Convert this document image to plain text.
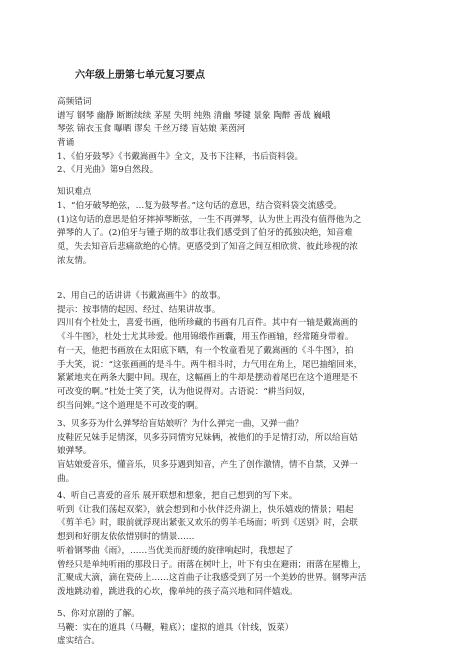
六年级上册第七单元复习要点
高频错词
谱写 钢琴 幽静 断断续续 茅屋 失明 纯熟 清幽 琴键 景象 陶醉 善哉 巍峨
琴弦 锦衣玉食 曝晒 谬矣 千丝万缕 盲姑娘 莱茵河
背诵
1、《伯牙鼓琴》《书戴嵩画牛》全文，及书下注释，书后资料袋。
2、《月光曲》第9自然段。
知识难点
1、“伯牙破琴绝弦，…复为鼓琴者。”这句话的意思，结合资料袋交流感受。
(1)这句话的意思是伯牙摔掉琴断弦，一生不再弹琴，认为世上再没有值得他为之
弹琴的人了。(2)伯牙与锺子期的故事让我们感受到了伯牙的孤独决绝，知音难
觅，失去知音后悲痛欲绝的心情。更感受到了知音之间互相欣赏、彼此珍视的浓
浓友情。
2、用自己的话讲讲《书戴嵩画牛》的故事。
提示：按事情的起因、经过、结果讲故事。
四川有个杜处士，喜爱书画，他所珍藏的书画有几百件。其中有一轴是戴嵩画的
《斗牛图》，杜处士尤其珍爱。他用锦缎作画囊，用玉作画轴，经常随身带着。
有一天，他把书画放在太阳底下晒，有一个牧童看见了戴嵩画的《斗牛图》，拍
手大笑，说：“这张画画的是斗牛。两牛相斗时，力气用在角上，尾巴抽缩回来，
紧紧地夹在两条大腿中间。现在，这幅画上的牛却是摆动着尾巴在这个道理是不
可改变的啊。”杜处士笑了笑，认为他说得对。古语说：“耕当问奴，
织当问婢。”这个道理是不可改变的啊。
3、贝多芬为什么弹琴给盲姑娘听？为什么弹完一曲，又弹一曲？
皮鞋匠兄妹手足情深，贝多芬同情穷兄妹俩，被他们的手足情打动，所以给盲姑
娘弹琴。
盲姑娘爱音乐，懂音乐，贝多芬遇到知音，产生了创作激情，情不自禁，又弹一
曲。
4、听自己喜爱的音乐 展开联想和想象，把自己想到的写下来。
听到《让我们荡起双桨》，就会想到和小伙伴泛舟湖上，快乐嬉戏的情景；唱起
《剪羊毛》时，眼前就浮现出紧张又欢乐的剪羊毛场面；听到《送别》时，会联
想到和好朋友依依惜别时的情景……
听着钢琴曲《雨》，……当优美而舒缓的旋律响起时，我想起了
曾经只是单纯听雨的那段日子。雨落在树叶上，叶下有虫在避雨；雨落在屋檐上，
汇聚成大滴，滴在瓷砖上……这首曲子让我感受到了另一个美妙的世界。钢琴声活
泼地跳动着，跳进我的心坎，像单纯的孩子高兴地和同伴嬉戏。
5、你对京剧的了解。
马鞭：实在的道具（马鞭，鞋底）；虚拟的道具（针线，饭菜）
虚实结合。
